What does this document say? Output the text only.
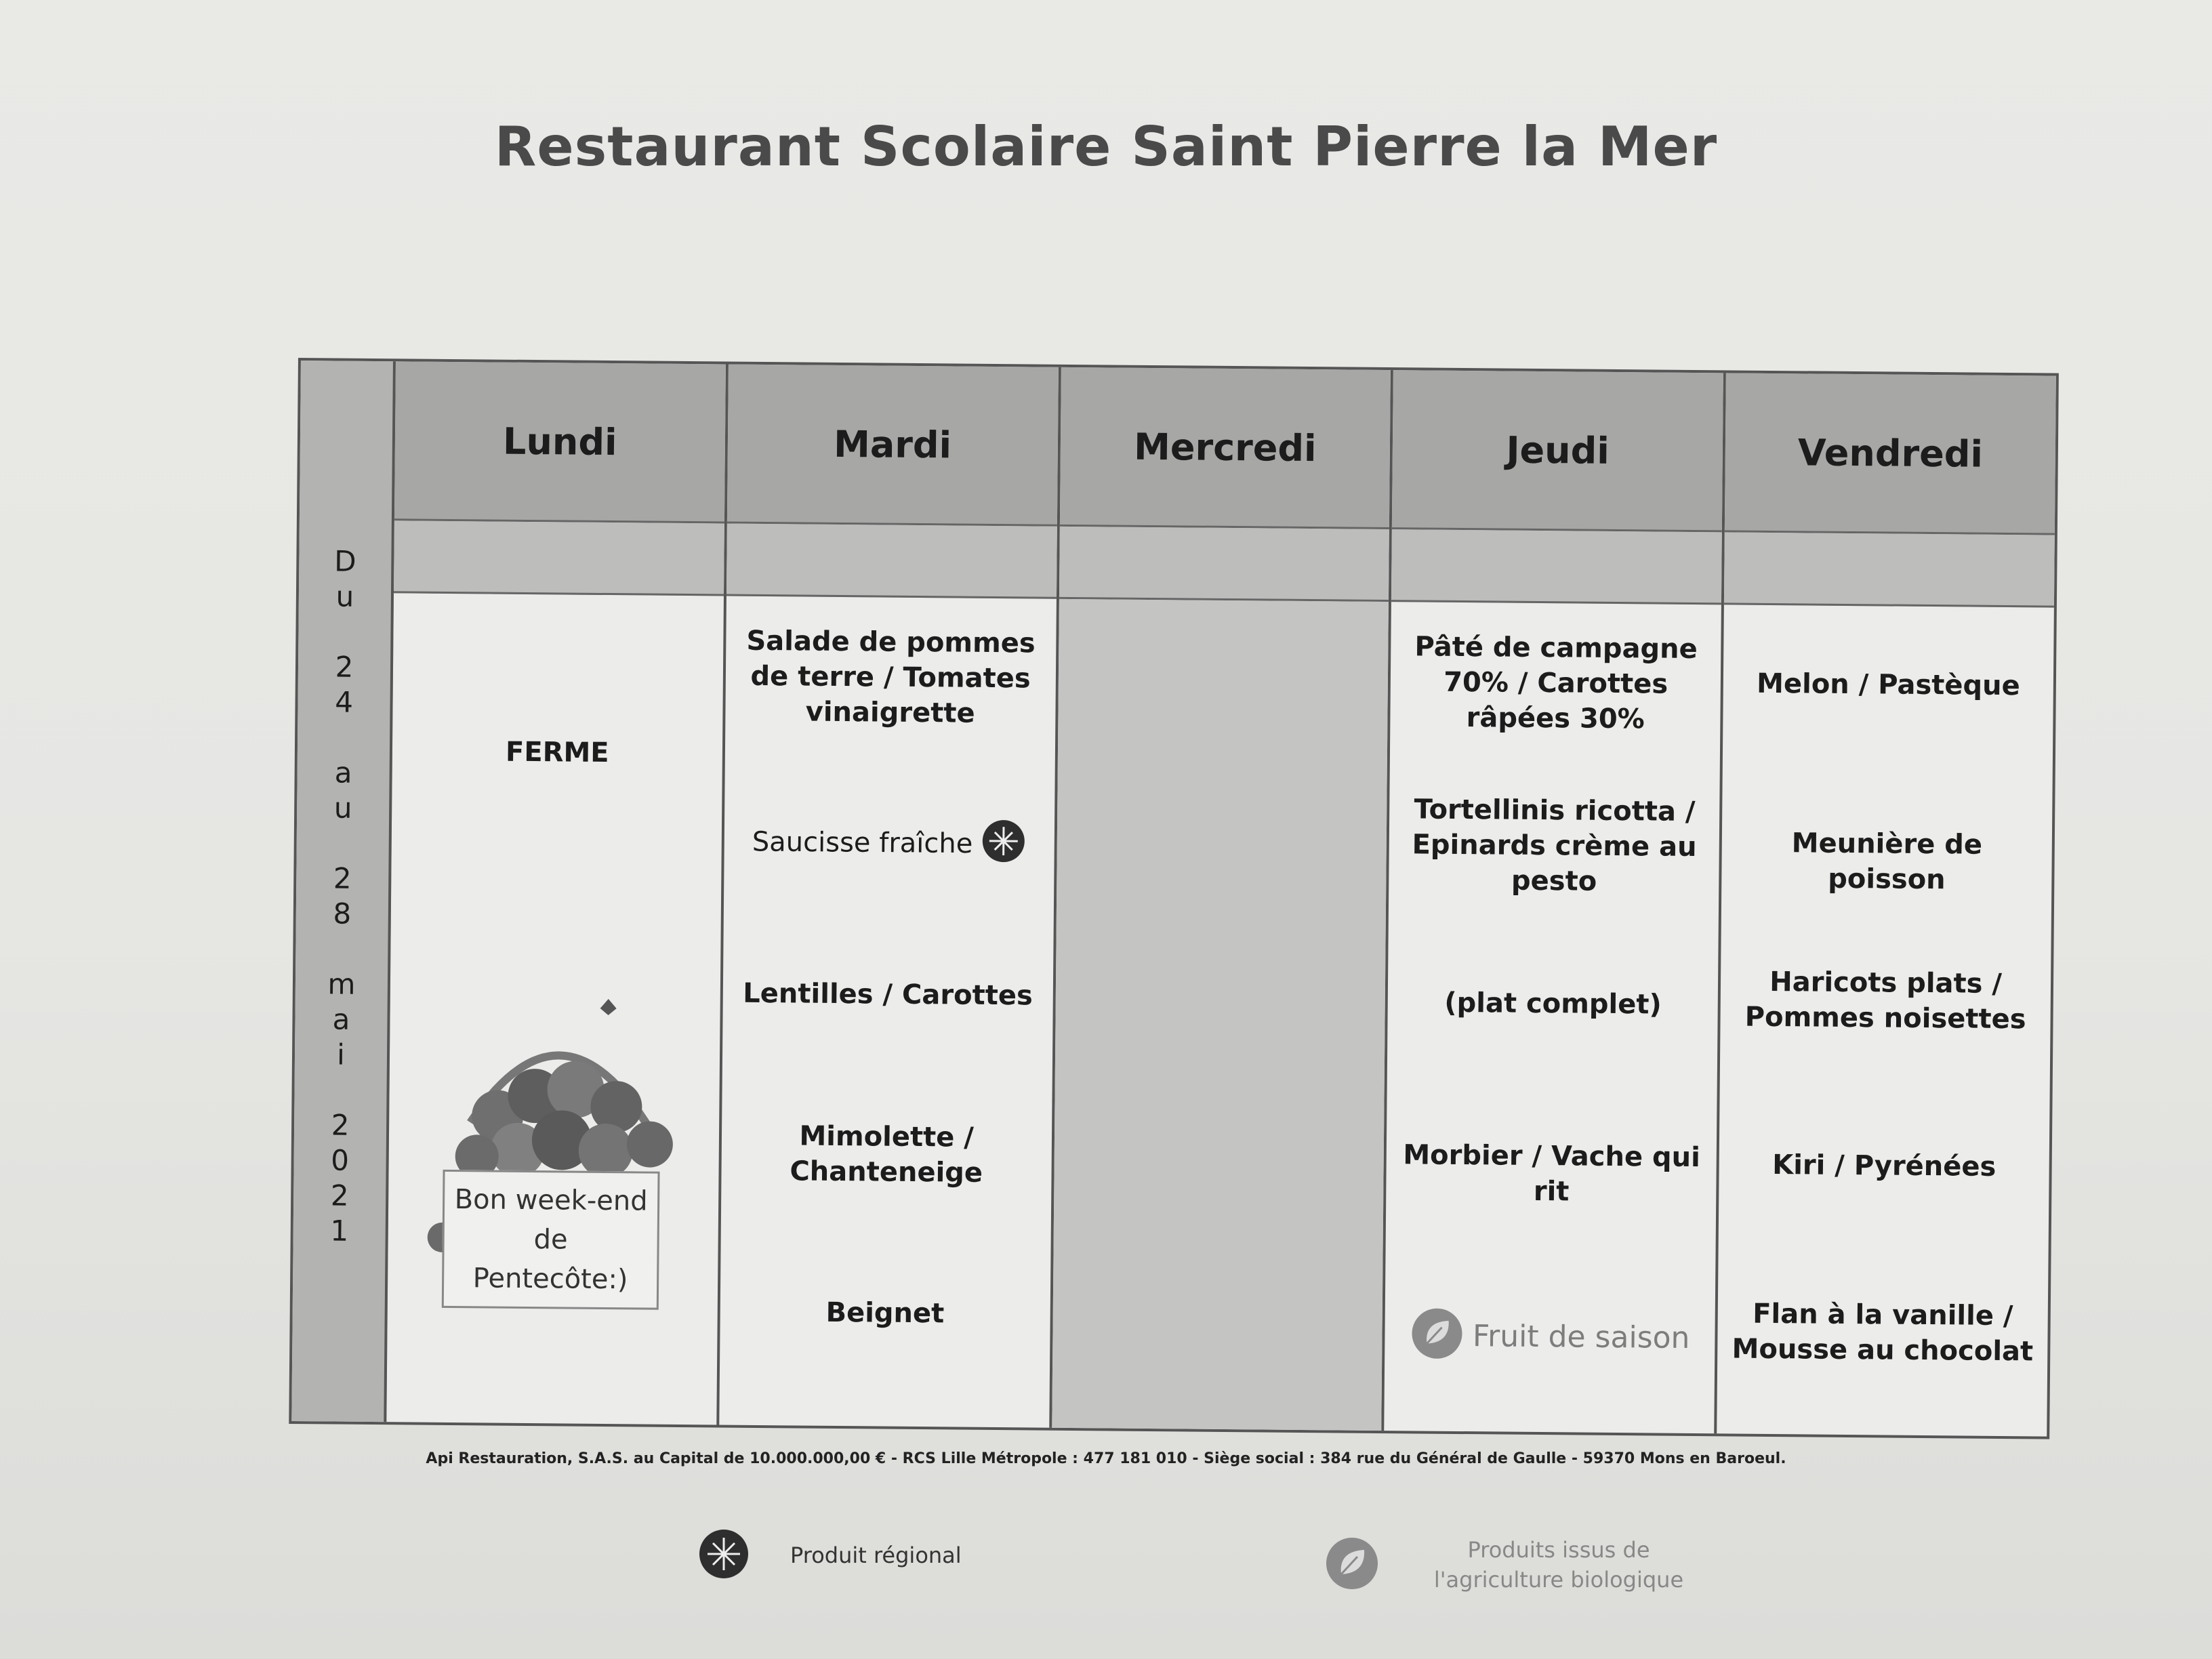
Restaurant Scolaire Saint Pierre la Mer
D
u
2
4
a
u
2
8
m
a
i
2
0
2
1
Lundi
FERME
Bon week-end
de Pentecôte:)
Mardi
Salade de pommes de terre / Tomates vinaigrette
Saucisse fraîche
Lentilles / Carottes
Mimolette / Chanteneige
Beignet
Mercredi	Jeudi
Pâté de campagne 70% / Carottes râpées 30%
Tortellinis ricotta / Epinards crème au pesto
(plat complet)
Morbier / Vache qui rit
Fruit de saison
Vendredi
Melon / Pastèque
Meunière de poisson
Haricots plats / Pommes noisettes
Kiri / Pyrénées
Flan à la vanille / Mousse au chocolat
Api Restauration, S.A.S. au Capital de 10.000.000,00 € - RCS Lille Métropole : 477 181 010 - Siège social : 384 rue du Général de Gaulle - 59370 Mons en Baroeul.
Produit régional	Produits issus de l'agriculture biologique
